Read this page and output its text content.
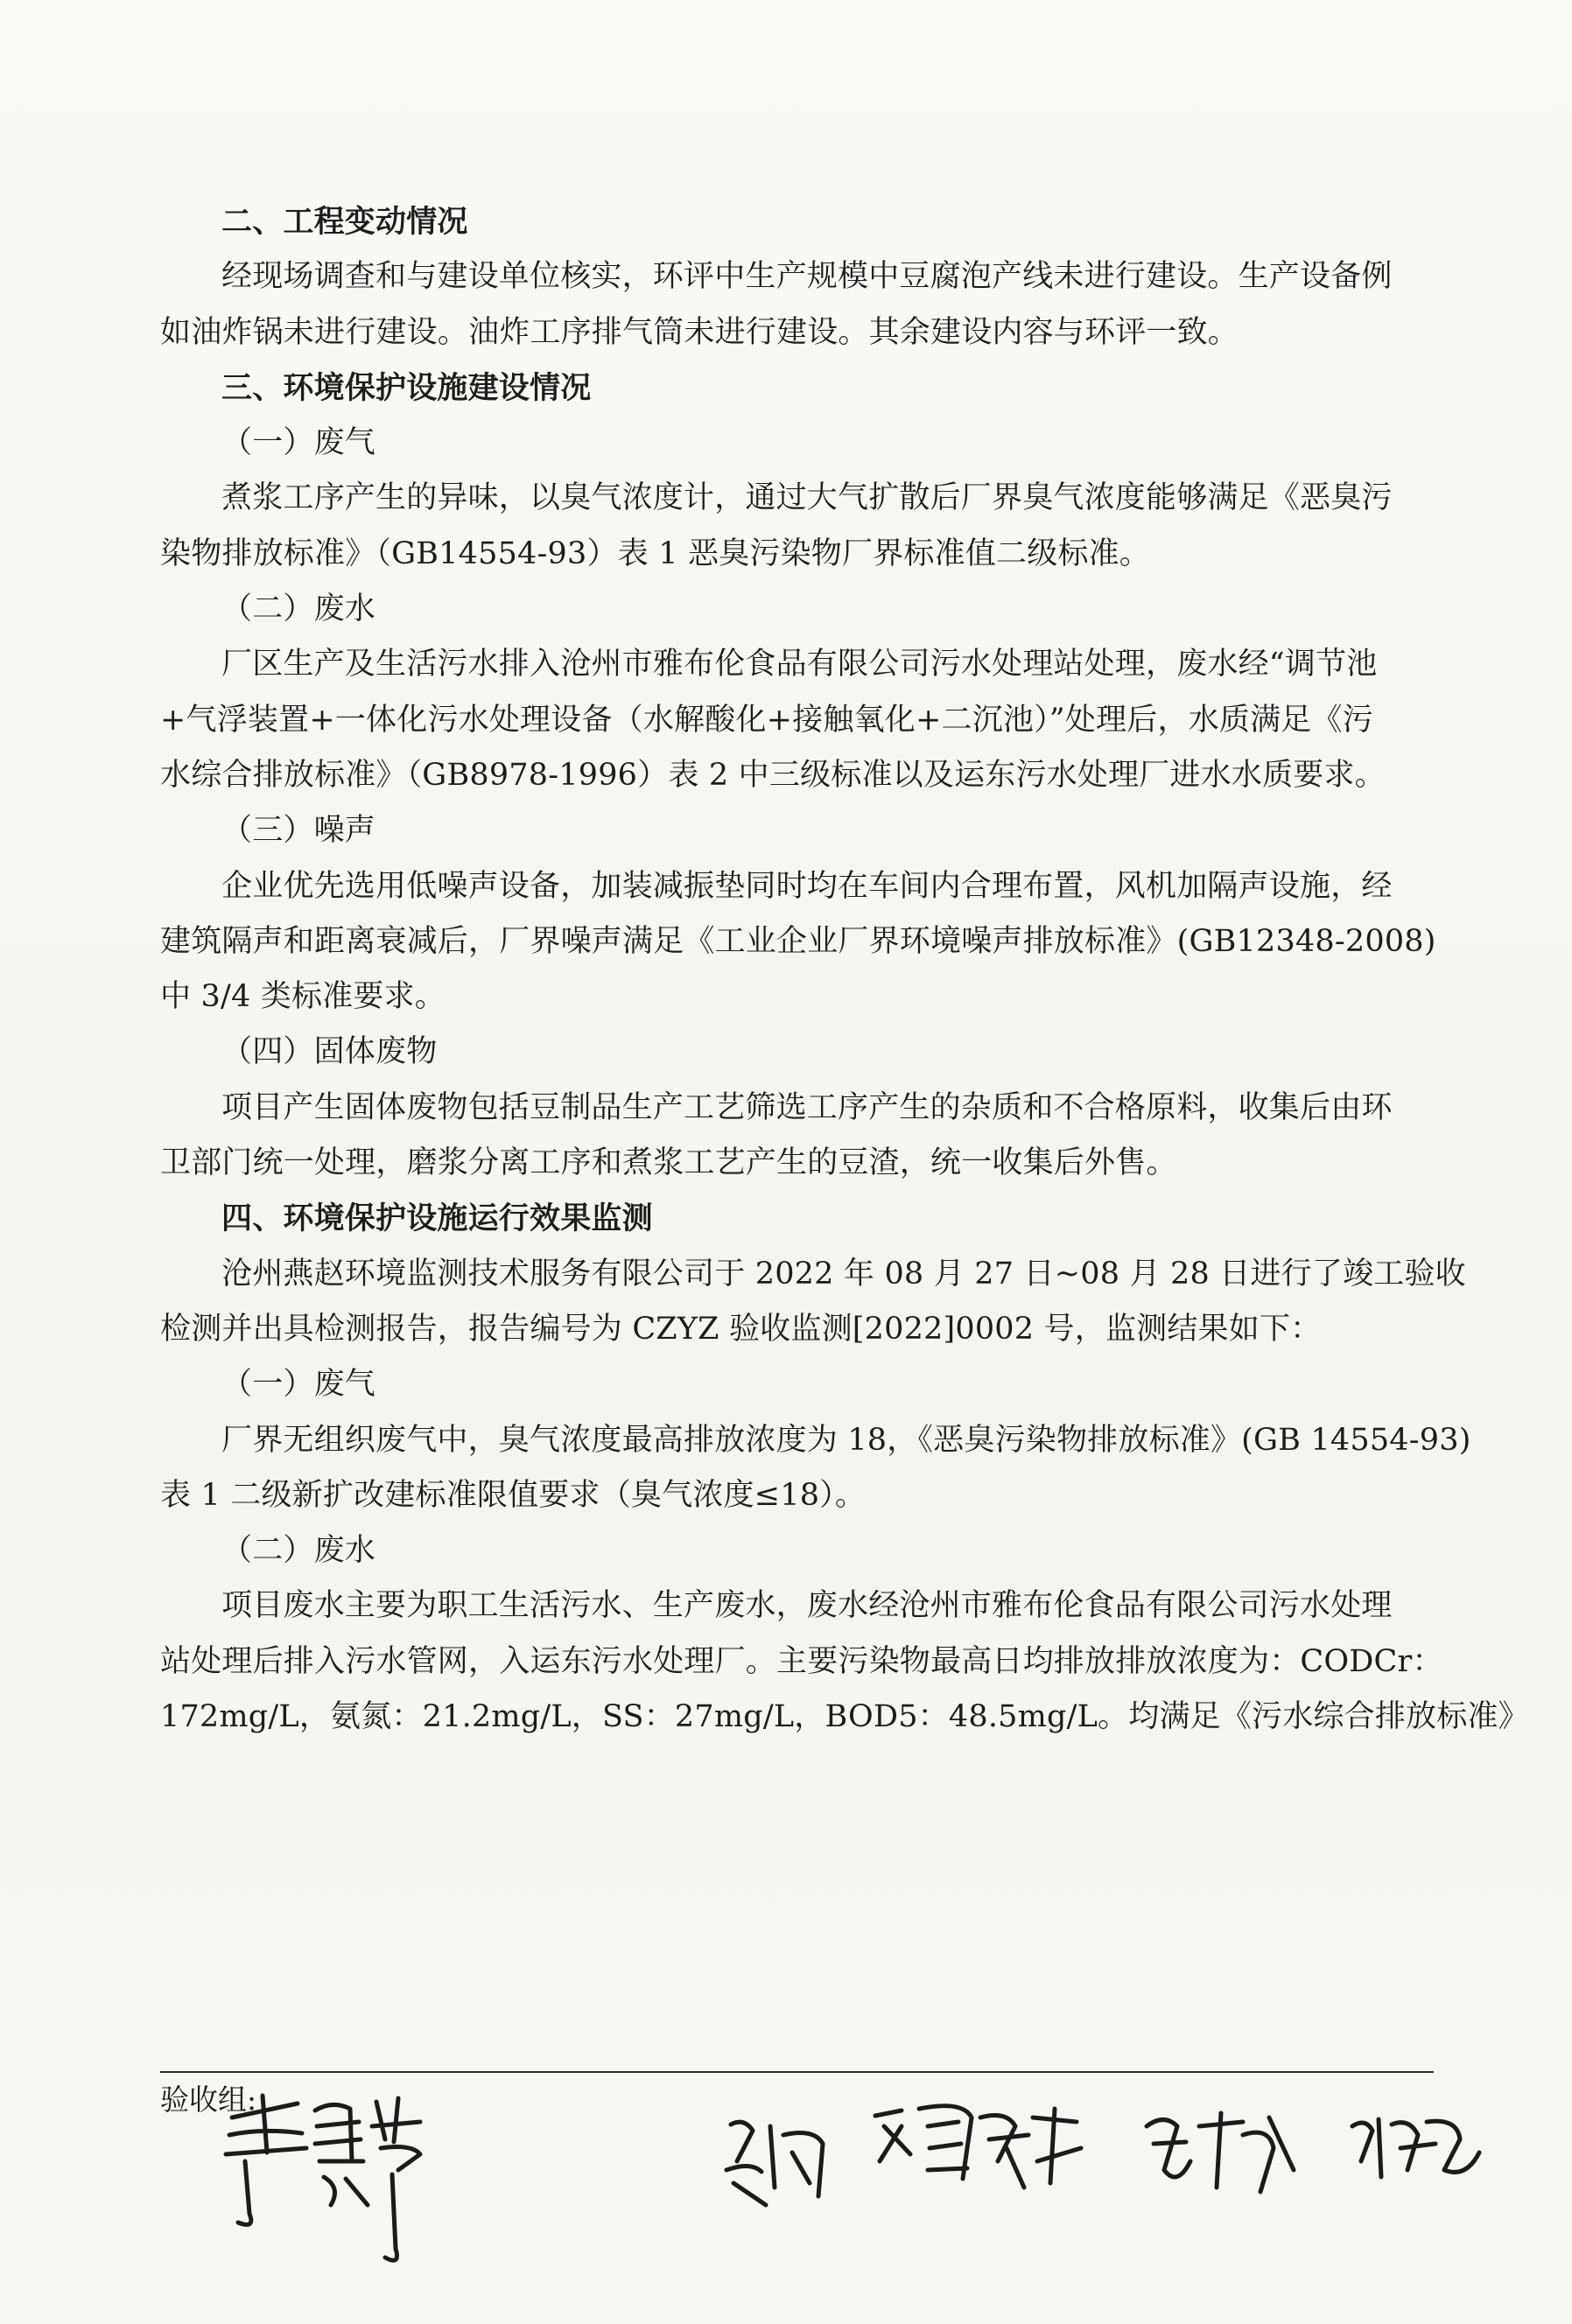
二、工程变动情况
经现场调查和与建设单位核实，环评中生产规模中豆腐泡产线未进行建设。生产设备例
如油炸锅未进行建设。油炸工序排气筒未进行建设。其余建设内容与环评一致。
三、环境保护设施建设情况
（一）废气
煮浆工序产生的异味，以臭气浓度计，通过大气扩散后厂界臭气浓度能够满足《恶臭污
染物排放标准》（GB14554-93）表 1 恶臭污染物厂界标准值二级标准。
（二）废水
厂区生产及生活污水排入沧州市雅布伦食品有限公司污水处理站处理，废水经“调节池
+气浮装置+一体化污水处理设备（水解酸化+接触氧化+二沉池）”处理后，水质满足《污
水综合排放标准》（GB8978-1996）表 2 中三级标准以及运东污水处理厂进水水质要求。
（三）噪声
企业优先选用低噪声设备，加装减振垫同时均在车间内合理布置，风机加隔声设施，经
建筑隔声和距离衰减后，厂界噪声满足《工业企业厂界环境噪声排放标准》(GB12348-2008)
中 3/4 类标准要求。
（四）固体废物
项目产生固体废物包括豆制品生产工艺筛选工序产生的杂质和不合格原料，收集后由环
卫部门统一处理，磨浆分离工序和煮浆工艺产生的豆渣，统一收集后外售。
四、环境保护设施运行效果监测
沧州燕赵环境监测技术服务有限公司于 2022 年 08 月 27 日~08 月 28 日进行了竣工验收
检测并出具检测报告，报告编号为 CZYZ 验收监测[2022]0002 号，监测结果如下：
（一）废气
厂界无组织废气中，臭气浓度最高排放浓度为 18，《恶臭污染物排放标准》(GB 14554-93)
表 1 二级新扩改建标准限值要求（臭气浓度≤18）。
（二）废水
项目废水主要为职工生活污水、生产废水，废水经沧州市雅布伦食品有限公司污水处理
站处理后排入污水管网，入运东污水处理厂。主要污染物最高日均排放排放浓度为：CODCr：
172mg/L，氨氮：21.2mg/L，SS：27mg/L，BOD5：48.5mg/L。均满足《污水综合排放标准》
验收组:
